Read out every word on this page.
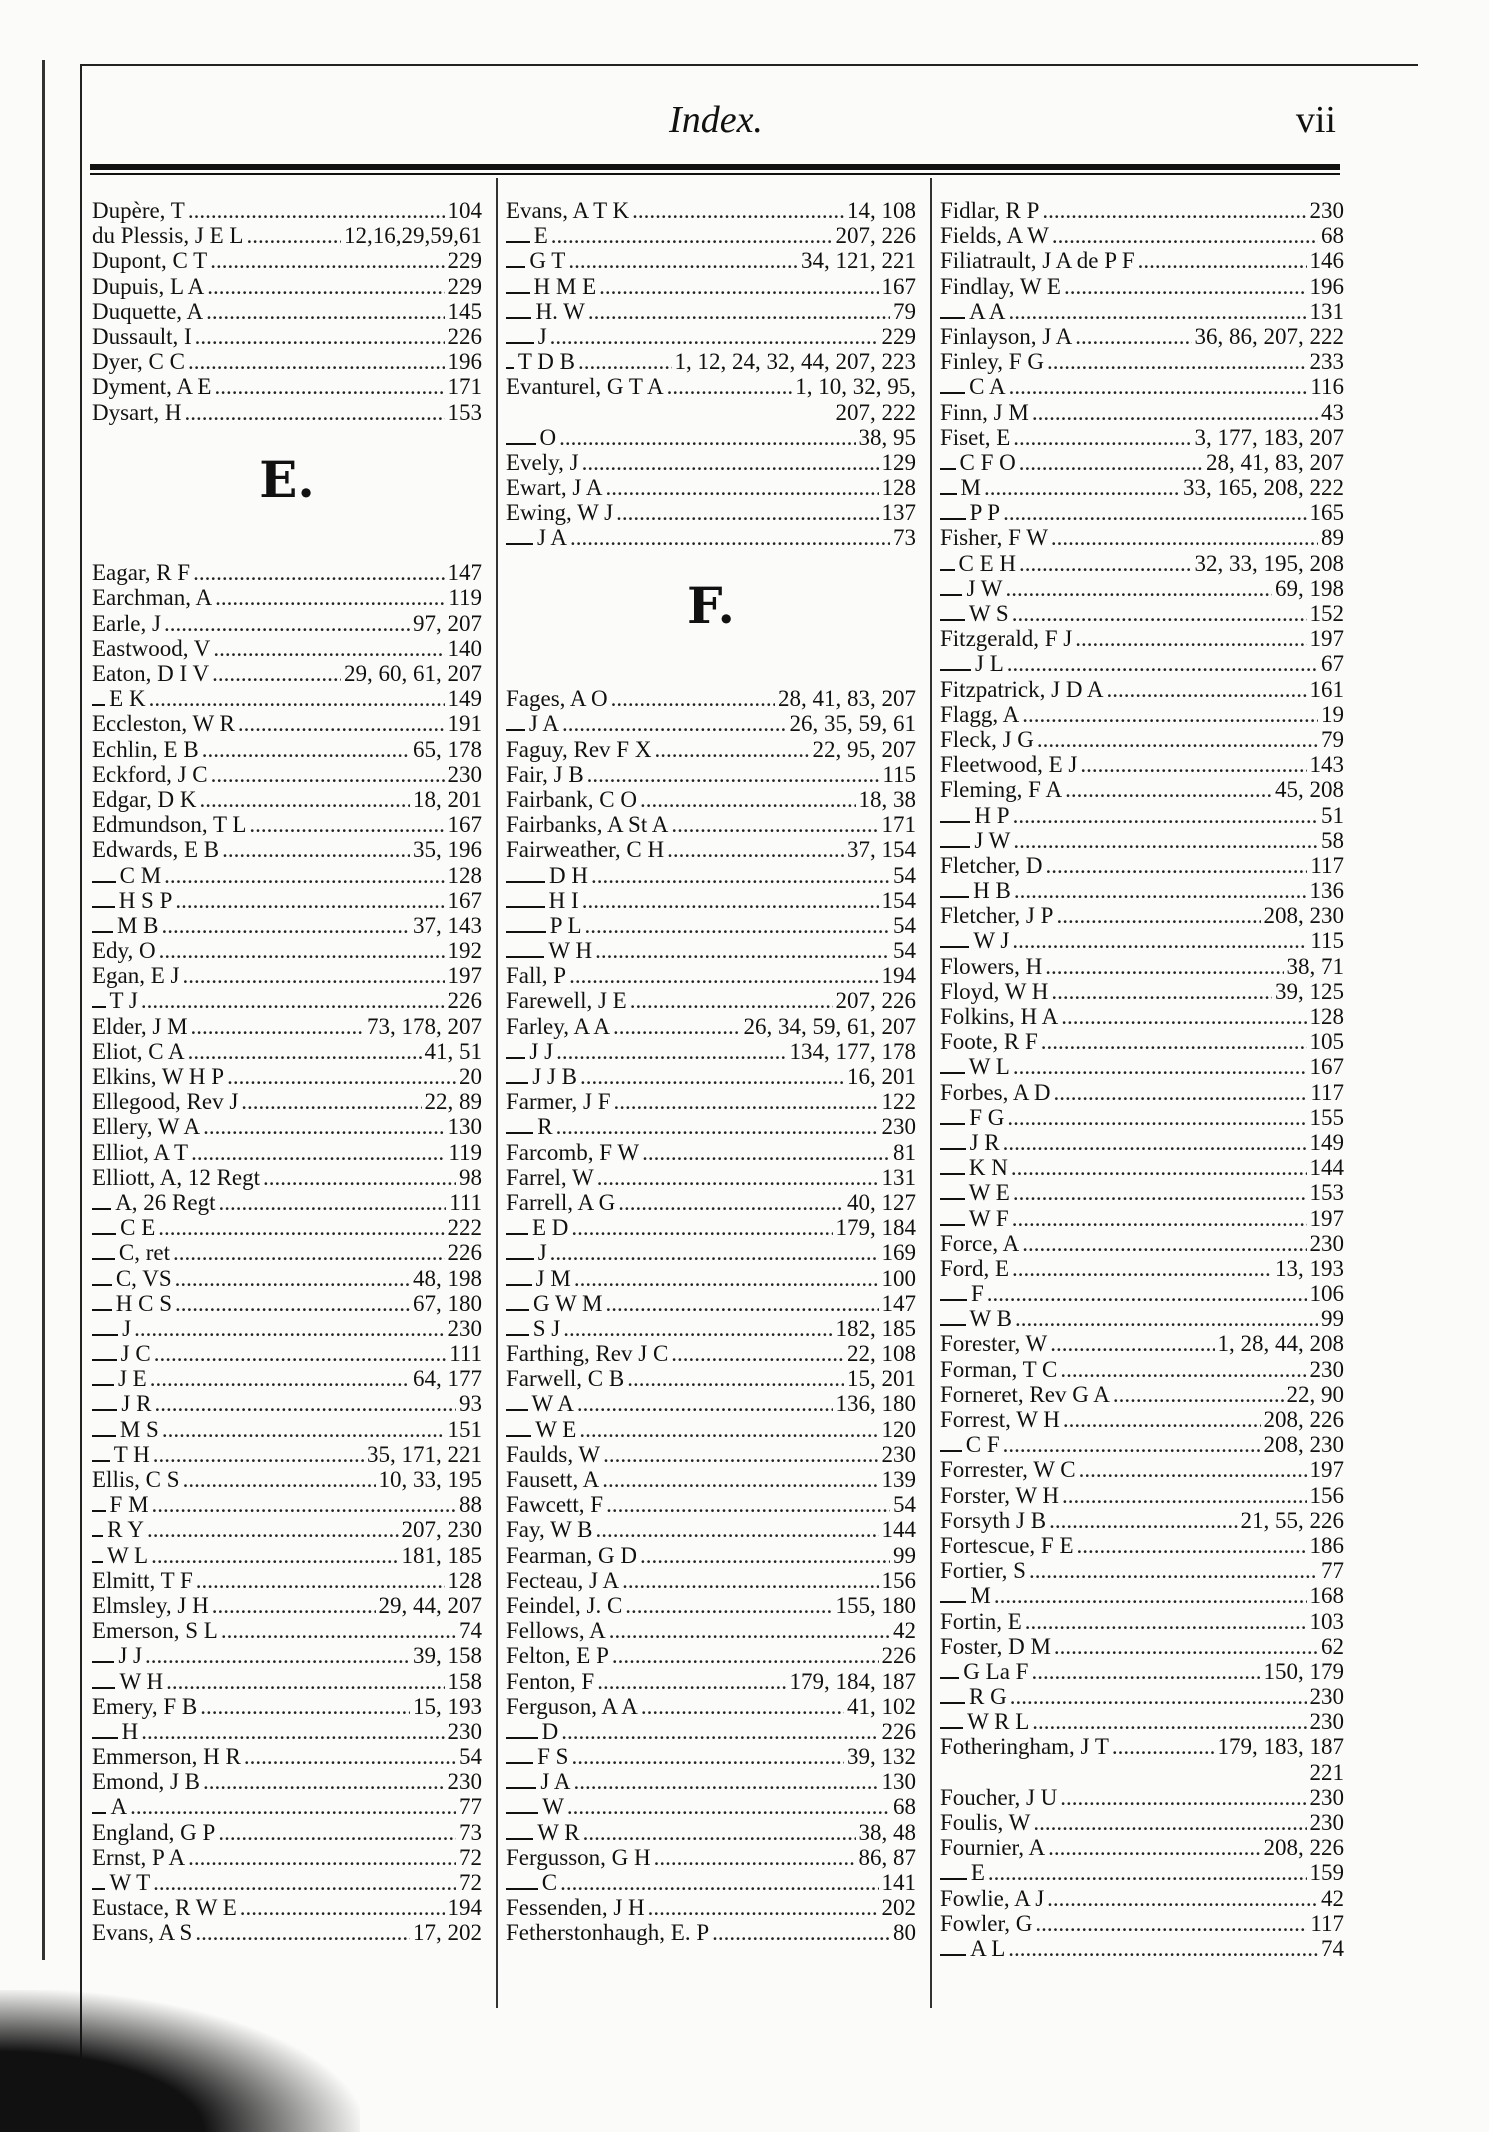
Index.	vii
Dupère, T .....	104
du Plessis, J E L .....	12,16,29,59,61
Dupont, C T .....	229
Dupuis, L A .....	229
Duquette, A .....	145
Dussault, I .....	226
Dyer, C C .....	196
Dyment, A E .....	171
Dysart, H .....	153
E.
Eagar, R F .....	147
Earchman, A .....	119
Earle, J .....	97, 207
Eastwood, V .....	140
Eaton, D I V .....	29, 60, 61, 207
E K .....	149
Eccleston, W R .....	191
Echlin, E B .....	65, 178
Eckford, J C .....	230
Edgar, D K .....	18, 201
Edmundson, T L .....	167
Edwards, E B .....	35, 196
C M .....	128
H S P .....	167
M B .....	37, 143
Edy, O .....	192
Egan, E J .....	197
T J .....	226
Elder, J M .....	73, 178, 207
Eliot, C A .....	41, 51
Elkins, W H P .....	20
Ellegood, Rev J .....	22, 89
Ellery, W A .....	130
Elliot, A T .....	119
Elliott, A, 12 Regt .....	98
A, 26 Regt .....	111
C E .....	222
C, ret .....	226
C, VS .....	48, 198
H C S .....	67, 180
J .....	230
J C .....	111
J E .....	64, 177
J R .....	93
M S .....	151
T H .....	35, 171, 221
Ellis, C S .....	10, 33, 195
F M .....	88
R Y .....	207, 230
W L .....	181, 185
Elmitt, T F .....	128
Elmsley, J H .....	29, 44, 207
Emerson, S L .....	74
J J .....	39, 158
W H .....	158
Emery, F B .....	15, 193
H .....	230
Emmerson, H R .....	54
Emond, J B .....	230
A .....	77
England, G P .....	73
Ernst, P A .....	72
W T .....	72
Eustace, R W E .....	194
Evans, A S .....	17, 202
Evans, A T K .....	14, 108
E .....	207, 226
G T .....	34, 121, 221
H M E .....	167
H. W .....	79
J .....	229
T D B .....	1, 12, 24, 32, 44, 207, 223
Evanturel, G T A .....	1, 10, 32, 95,
207, 222
O .....	38, 95
Evely, J .....	129
Ewart, J A .....	128
Ewing, W J .....	137
J A .....	73
F.
Fages, A O .....	28, 41, 83, 207
J A .....	26, 35, 59, 61
Faguy, Rev F X .....	22, 95, 207
Fair, J B .....	115
Fairbank, C O .....	18, 38
Fairbanks, A St A .....	171
Fairweather, C H .....	37, 154
D H .....	54
H I .....	154
P L .....	54
W H .....	54
Fall, P .....	194
Farewell, J E .....	207, 226
Farley, A A .....	26, 34, 59, 61, 207
J J .....	134, 177, 178
J J B .....	16, 201
Farmer, J F .....	122
R .....	230
Farcomb, F W .....	81
Farrel, W .....	131
Farrell, A G .....	40, 127
E D .....	179, 184
J .....	169
J M .....	100
G W M .....	147
S J .....	182, 185
Farthing, Rev J C .....	22, 108
Farwell, C B .....	15, 201
W A .....	136, 180
W E .....	120
Faulds, W .....	230
Fausett, A .....	139
Fawcett, F .....	54
Fay, W B .....	144
Fearman, G D .....	99
Fecteau, J A .....	156
Feindel, J. C .....	155, 180
Fellows, A .....	42
Felton, E P .....	226
Fenton, F .....	179, 184, 187
Ferguson, A A .....	41, 102
D .....	226
F S .....	39, 132
J A .....	130
W .....	68
W R .....	38, 48
Fergusson, G H .....	86, 87
C .....	141
Fessenden, J H .....	202
Fetherstonhaugh, E. P .....	80
Fidlar, R P .....	230
Fields, A W .....	68
Filiatrault, J A de P F .....	146
Findlay, W E .....	196
A A .....	131
Finlayson, J A .....	36, 86, 207, 222
Finley, F G .....	233
C A .....	116
Finn, J M .....	43
Fiset, E .....	3, 177, 183, 207
C F O .....	28, 41, 83, 207
M .....	33, 165, 208, 222
P P .....	165
Fisher, F W .....	89
C E H .....	32, 33, 195, 208
J W .....	69, 198
W S .....	152
Fitzgerald, F J .....	197
J L .....	67
Fitzpatrick, J D A .....	161
Flagg, A .....	19
Fleck, J G .....	79
Fleetwood, E J .....	143
Fleming, F A .....	45, 208
H P .....	51
J W .....	58
Fletcher, D .....	117
H B .....	136
Fletcher, J P .....	208, 230
W J .....	115
Flowers, H .....	38, 71
Floyd, W H .....	39, 125
Folkins, H A .....	128
Foote, R F .....	105
W L .....	167
Forbes, A D .....	117
F G .....	155
J R .....	149
K N .....	144
W E .....	153
W F .....	197
Force, A .....	230
Ford, E .....	13, 193
F .....	106
W B .....	99
Forester, W .....	1, 28, 44, 208
Forman, T C .....	230
Forneret, Rev G A .....	22, 90
Forrest, W H .....	208, 226
C F .....	208, 230
Forrester, W C .....	197
Forster, W H .....	156
Forsyth J B .....	21, 55, 226
Fortescue, F E .....	186
Fortier, S .....	77
M .....	168
Fortin, E .....	103
Foster, D M .....	62
G La F .....	150, 179
R G .....	230
W R L .....	230
Fotheringham, J T .....	179, 183, 187
221
Foucher, J U .....	230
Foulis, W .....	230
Fournier, A .....	208, 226
E .....	159
Fowlie, A J .....	42
Fowler, G .....	117
A L .....	74
